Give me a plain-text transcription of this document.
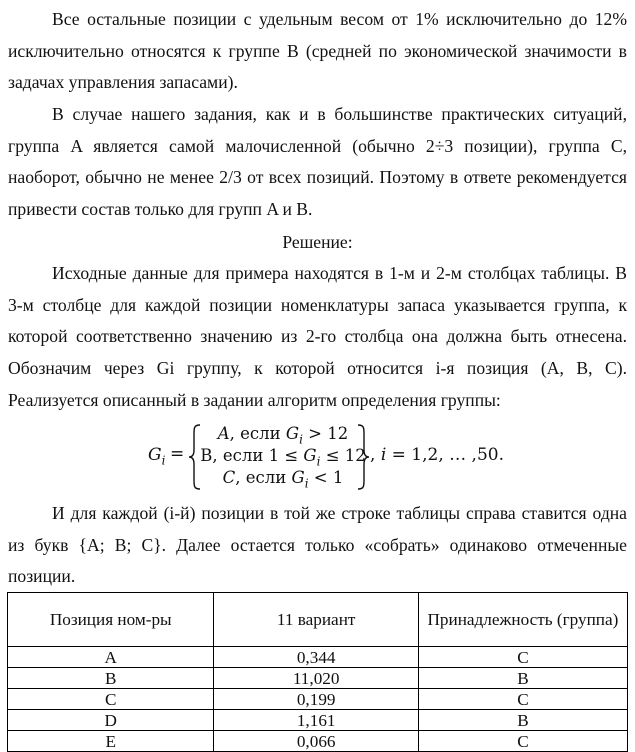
Все остальные позиции с удельным весом от 1% исключительно до 12% исключительно относятся к группе B (средней по экономической значимости в задачах управления запасами).

В случае нашего задания, как и в большинстве практических ситуаций, группа A является самой малочисленной (обычно 2÷3 позиции), группа C, наоборот, обычно не менее 2/3 от всех позиций. Поэтому в ответе рекомендуется привести состав только для групп A и B.

Решение:

Исходные данные для примера находятся в 1-м и 2-м столбцах таблицы. В 3-м столбце для каждой позиции номенклатуры запаса указывается группа, к которой соответственно значению из 2-го столбца она должна быть отнесена. Обозначим через Gi группу, к которой относится i-я позиция (A, B, C). Реализуется описанный в задании алгоритм определения группы:

$G_i$ =
A, если $G_i > 12$
B, если $1 \le G_i \le 12$
C, если $G_i < 1$
, i = 1,2, … ,50.

И для каждой (i-й) позиции в той же строке таблицы справа ставится одна из букв {A; B; C}. Далее остается только «собрать» одинаково отмеченные позиции.

Позиция ном-ры	11 вариант	Принадлежность (группа)
A	0,344	C
B	11,020	B
C	0,199	C
D	1,161	B
E	0,066	C
